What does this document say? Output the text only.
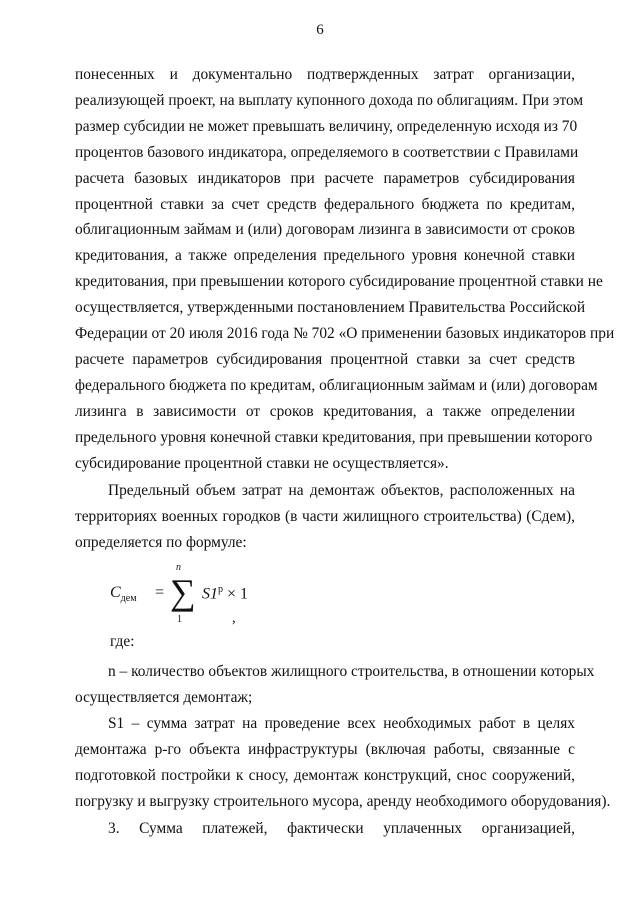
6
понесенных и документально подтвержденных затрат организации,
реализующей проект, на выплату купонного дохода по облигациям. При этом
размер субсидии не может превышать величину, определенную исходя из 70
процентов базового индикатора, определяемого в соответствии с Правилами
расчета базовых индикаторов при расчете параметров субсидирования
процентной ставки за счет средств федерального бюджета по кредитам,
облигационным займам и (или) договорам лизинга в зависимости от сроков
кредитования, а также определения предельного уровня конечной ставки
кредитования, при превышении которого субсидирование процентной ставки не
осуществляется, утвержденными постановлением Правительства Российской
Федерации от 20 июля 2016 года № 702 «О применении базовых индикаторов при
расчете параметров субсидирования процентной ставки за счет средств
федерального бюджета по кредитам, облигационным займам и (или) договорам
лизинга в зависимости от сроков кредитования, а также определении
предельного уровня конечной ставки кредитования, при превышении которого
субсидирование процентной ставки не осуществляется».
Предельный объем затрат на демонтаж объектов, расположенных на
территориях военных городков (в части жилищного строительства) (Cдем),
определяется по формуле:
$C_{дем}$ =
n
∑
1
$S1^p \times 1$
,
где:
n – количество объектов жилищного строительства, в отношении которых
осуществляется демонтаж;
S1 – сумма затрат на проведение всех необходимых работ в целях
демонтажа p-го объекта инфраструктуры (включая работы, связанные с
подготовкой постройки к сносу, демонтаж конструкций, снос сооружений,
погрузку и выгрузку строительного мусора, аренду необходимого оборудования).
3. Сумма платежей, фактически уплаченных организацией,
